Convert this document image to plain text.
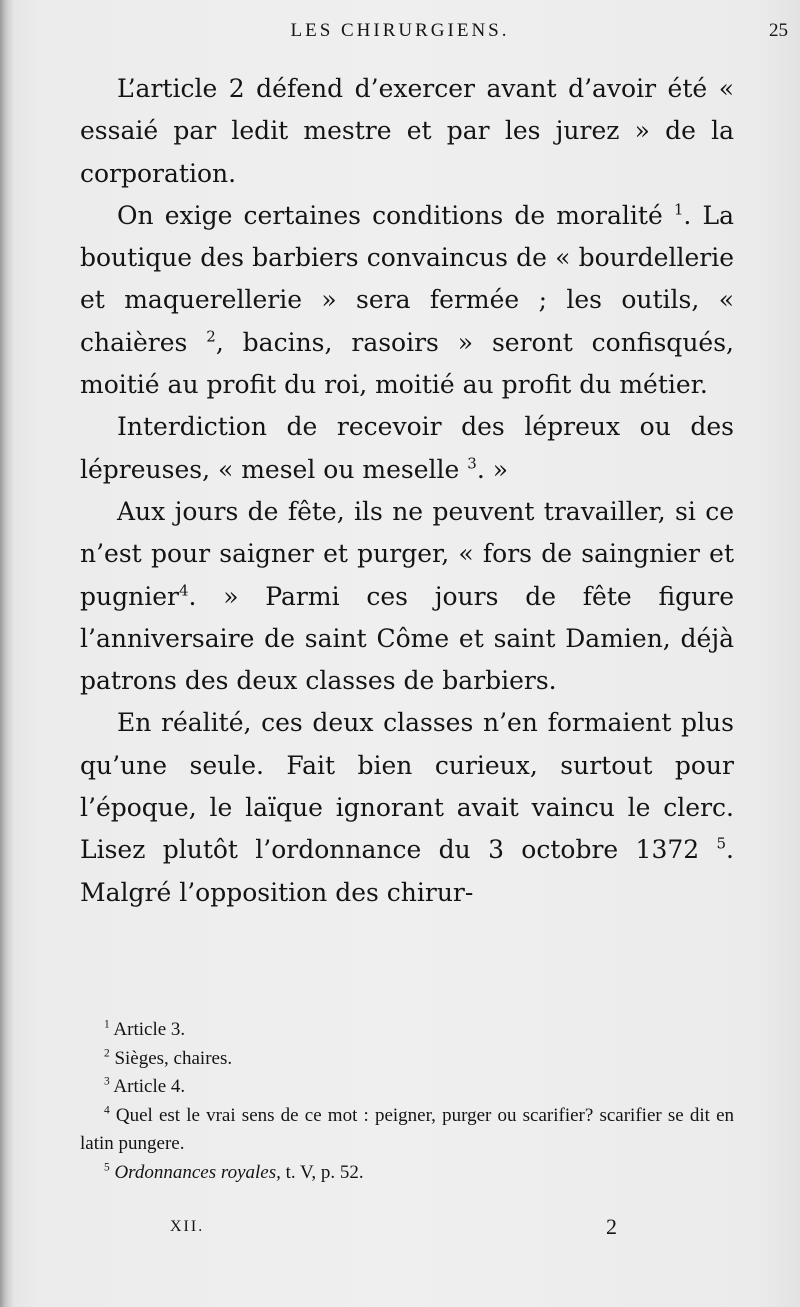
LES CHIRURGIENS.	25

L’article 2 défend d’exercer avant d’avoir été « essaié par ledit mestre et par les jurez » de la corporation.

On exige certaines conditions de moralité $^1$. La boutique des barbiers convaincus de « bourdellerie et maquerellerie » sera fermée ; les outils, « chaières $^2$, bacins, rasoirs » seront confisqués, moitié au profit du roi, moitié au profit du métier.

Interdiction de recevoir des lépreux ou des lépreuses, « mesel ou meselle $^3$. »

Aux jours de fête, ils ne peuvent travailler, si ce n’est pour saigner et purger, « fors de saingnier et pugnier$^4$. » Parmi ces jours de fête figure l’anniversaire de saint Côme et saint Damien, déjà patrons des deux classes de barbiers.

En réalité, ces deux classes n’en formaient plus qu’une seule. Fait bien curieux, surtout pour l’époque, le laïque ignorant avait vaincu le clerc. Lisez plutôt l’ordonnance du 3 octobre 1372 $^5$. Malgré l’opposition des chirur-

$^1$ Article 3.
$^2$ Sièges, chaires.
$^3$ Article 4.
$^4$ Quel est le vrai sens de ce mot : peigner, purger ou scarifier? scarifier se dit en latin pungere.
$^5$ Ordonnances royales, t. V, p. 52.
XII.	2
